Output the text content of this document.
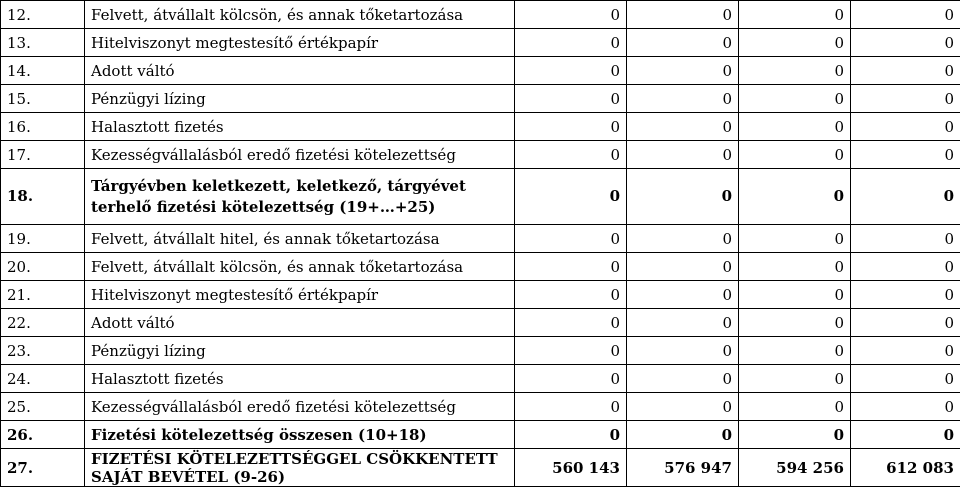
12.	Felvett, átvállalt kölcsön, és annak tőketartozása	0	0	0	0
13.	Hitelviszonyt megtestesítő értékpapír	0	0	0	0
14.	Adott váltó	0	0	0	0
15.	Pénzügyi lízing	0	0	0	0
16.	Halasztott fizetés	0	0	0	0
17.	Kezességvállalásból eredő fizetési kötelezettség	0	0	0	0
18.	Tárgyévben keletkezett, keletkező, tárgyévet terhelő fizetési kötelezettség (19+…+25)	0	0	0	0
19.	Felvett, átvállalt hitel, és annak tőketartozása	0	0	0	0
20.	Felvett, átvállalt kölcsön, és annak tőketartozása	0	0	0	0
21.	Hitelviszonyt megtestesítő értékpapír	0	0	0	0
22.	Adott váltó	0	0	0	0
23.	Pénzügyi lízing	0	0	0	0
24.	Halasztott fizetés	0	0	0	0
25.	Kezességvállalásból eredő fizetési kötelezettség	0	0	0	0
26.	Fizetési kötelezettség összesen (10+18)	0	0	0	0
27.	FIZETÉSI KÖTELEZETTSÉGGEL CSÖKKENTETT SAJÁT BEVÉTEL (9-26)	560 143	576 947	594 256	612 083
